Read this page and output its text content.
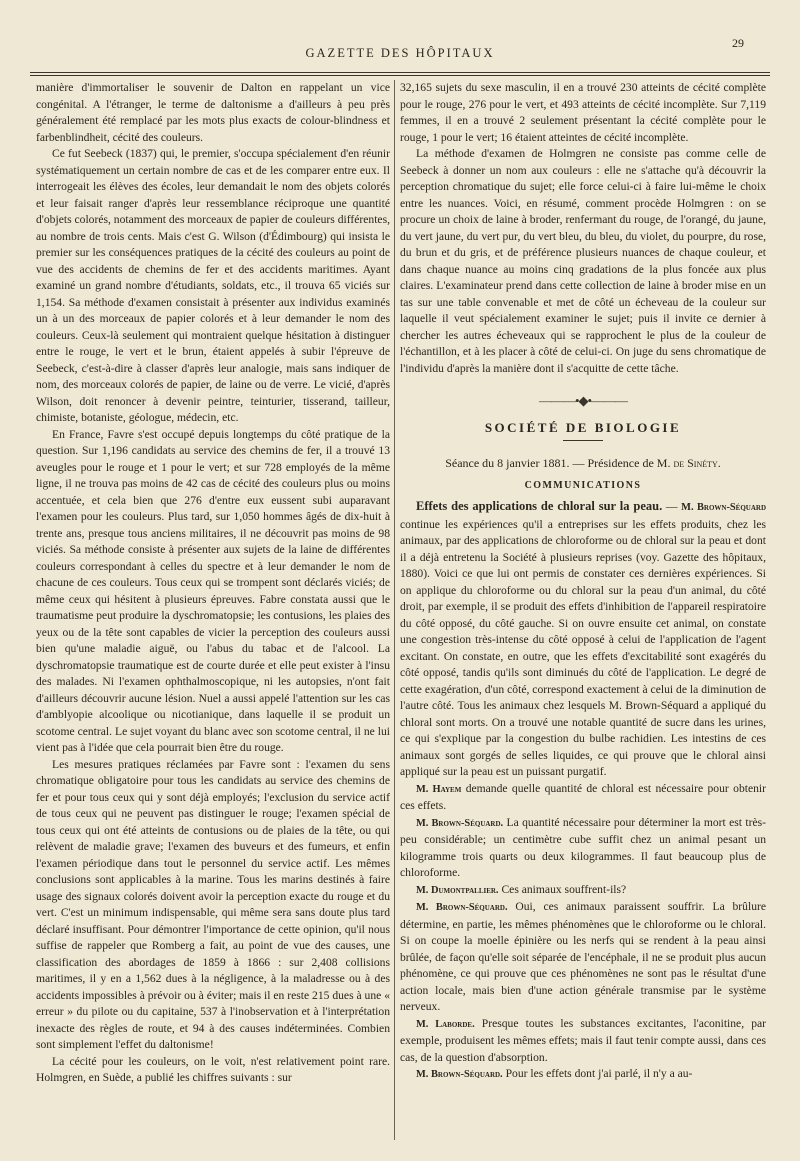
GAZETTE DES HÔPITAUX
29

manière d'immortaliser le souvenir de Dalton en rappelant un vice congénital. A l'étranger, le terme de daltonisme a d'ailleurs à peu près généralement été remplacé par les mots plus exacts de colour-blindness et farbenblindheit, cécité des couleurs.

Ce fut Seebeck (1837) qui, le premier, s'occupa spécialement d'en réunir systématiquement un certain nombre de cas et de les comparer entre eux. Il interrogeait les élèves des écoles, leur demandait le nom des objets colorés et leur faisait ranger d'après leur ressemblance réciproque une quantité d'objets colorés, notamment des morceaux de papier de couleurs différentes, au nombre de trois cents. Mais c'est G. Wilson (d'Édimbourg) qui insista le premier sur les conséquences pratiques de la cécité des couleurs au point de vue des accidents de chemins de fer et des accidents maritimes. Ayant examiné un grand nombre d'étudiants, soldats, etc., il trouva 65 viciés sur 1,154. Sa méthode d'examen consistait à présenter aux individus examinés un à un des morceaux de papier colorés et à leur demander le nom des couleurs. Ceux-là seulement qui montraient quelque hésitation à distinguer entre le rouge, le vert et le brun, étaient appelés à subir l'épreuve de Seebeck, c'est-à-dire à classer d'après leur analogie, mais sans indiquer de nom, des morceaux colorés de papier, de laine ou de verre. Le vicié, d'après Wilson, doit renoncer à devenir peintre, teinturier, tisserand, tailleur, chimiste, botaniste, géologue, médecin, etc.

En France, Favre s'est occupé depuis longtemps du côté pratique de la question. Sur 1,196 candidats au service des chemins de fer, il a trouvé 13 aveugles pour le rouge et 1 pour le vert; et sur 728 employés de la même ligne, il ne trouva pas moins de 42 cas de cécité des couleurs plus ou moins accentuée, et cela bien que 276 d'entre eux eussent subi auparavant l'examen pour les couleurs. Plus tard, sur 1,050 hommes âgés de dix-huit à trente ans, presque tous anciens militaires, il ne découvrit pas moins de 98 viciés. Sa méthode consiste à présenter aux sujets de la laine de différentes couleurs correspondant à celles du spectre et à leur demander le nom de chacune de ces couleurs. Tous ceux qui se trompent sont déclarés viciés; de même ceux qui hésitent à plusieurs épreuves. Fabre constata aussi que le traumatisme peut produire la dyschromatopsie; les contusions, les plaies des yeux ou de la tête sont capables de vicier la perception des couleurs aussi bien qu'une maladie aiguë, ou l'abus du tabac et de l'alcool. La dyschromatopsie traumatique est de courte durée et elle peut exister à l'insu des malades. Ni l'examen ophthalmoscopique, ni les autopsies, n'ont fait d'ailleurs découvrir aucune lésion. Nuel a aussi appelé l'attention sur les cas d'amblyopie alcoolique ou nicotianique, dans laquelle il se produit un scotome central. Le sujet voyant du blanc avec son scotome central, il ne lui vient pas à l'idée que cela pourrait bien être du rouge.

Les mesures pratiques réclamées par Favre sont : l'examen du sens chromatique obligatoire pour tous les candidats au service des chemins de fer et pour tous ceux qui y sont déjà employés; l'exclusion du service actif de tous ceux qui ne peuvent pas distinguer le rouge; l'examen spécial de tous ceux qui ont été atteints de contusions ou de plaies de la tête, ou qui relèvent de maladie grave; l'examen des buveurs et des fumeurs, et enfin l'examen périodique dans tout le personnel du service actif. Les mêmes conclusions sont applicables à la marine. Tous les marins destinés à faire usage des signaux colorés doivent avoir la perception exacte du rouge et du vert. C'est un minimum indispensable, qui même sera sans doute plus tard déclaré insuffisant. Pour démontrer l'importance de cette opinion, qu'il nous suffise de rappeler que Romberg a fait, au point de vue des causes, une classification des abordages de 1859 à 1866 : sur 2,408 collisions maritimes, il y en a 1,562 dues à la négligence, à la maladresse ou à des accidents impossibles à prévoir ou à éviter; mais il en reste 215 dues à une « erreur » du pilote ou du capitaine, 537 à l'inobservation et à l'interprétation inexacte des règles de route, et 94 à des causes indéterminées. Combien sont simplement l'effet du daltonisme!

La cécité pour les couleurs, on le voit, n'est relativement point rare. Holmgren, en Suède, a publié les chiffres suivants : sur

32,165 sujets du sexe masculin, il en a trouvé 230 atteints de cécité complète pour le rouge, 276 pour le vert, et 493 atteints de cécité incomplète. Sur 7,119 femmes, il en a trouvé 2 seulement présentant la cécité complète pour le rouge, 1 pour le vert; 16 étaient atteintes de cécité incomplète.

La méthode d'examen de Holmgren ne consiste pas comme celle de Seebeck à donner un nom aux couleurs : elle ne s'attache qu'à découvrir la perception chromatique du sujet; elle force celui-ci à faire lui-même le choix entre les nuances. Voici, en résumé, comment procède Holmgren : on se procure un choix de laine à broder, renfermant du rouge, de l'orangé, du jaune, du vert jaune, du vert pur, du vert bleu, du bleu, du violet, du pourpre, du rose, du brun et du gris, et de préférence plusieurs nuances de chaque couleur, et dans chaque nuance au moins cinq gradations de la plus foncée aux plus claires. L'examinateur prend dans cette collection de laine à broder mise en un tas sur une table convenable et met de côté un écheveau de la couleur sur laquelle il veut spécialement examiner le sujet; puis il invite ce dernier à chercher les autres écheveaux qui se rapprochent le plus de la couleur de l'échantillon, et à les placer à côté de celui-ci. On juge du sens chromatique de l'individu d'après la manière dont il s'acquitte de cette tâche.

———•◆•———
SOCIÉTÉ DE BIOLOGIE
Séance du 8 janvier 1881. — Présidence de M. de Sinéty.
COMMUNICATIONS

Effets des applications de chloral sur la peau. — M. Brown-Séquard continue les expériences qu'il a entreprises sur les effets produits, chez les animaux, par des applications de chloroforme ou de chloral sur la peau et dont il a déjà entretenu la Société à plusieurs reprises (voy. Gazette des hôpitaux, 1880). Voici ce que lui ont permis de constater ces dernières expériences. Si on applique du chloroforme ou du chloral sur la peau d'un animal, du côté droit, par exemple, il se produit des effets d'inhibition de l'appareil respiratoire du côté opposé, du côté gauche. Si on ouvre ensuite cet animal, on constate une congestion très-intense du côté opposé à celui de l'application de l'agent excitant. On constate, en outre, que les effets d'excitabilité sont exagérés du côté opposé, tandis qu'ils sont diminués du côté de l'application. Le degré de cette exagération, d'un côté, correspond exactement à celui de la diminution de l'autre côté. Tous les animaux chez lesquels M. Brown-Séquard a appliqué du chloral sont morts. On a trouvé une notable quantité de sucre dans les urines, ce qui s'explique par la congestion du bulbe rachidien. Les intestins de ces animaux sont gorgés de selles liquides, ce qui prouve que le chloral ainsi appliqué sur la peau est un puissant purgatif.

M. Hayem demande quelle quantité de chloral est nécessaire pour obtenir ces effets.

M. Brown-Séquard. La quantité nécessaire pour déterminer la mort est très-peu considérable; un centimètre cube suffit chez un animal pesant un kilogramme trois quarts ou deux kilogrammes. Il faut beaucoup plus de chloroforme.

M. Dumontpallier. Ces animaux souffrent-ils?

M. Brown-Séquard. Oui, ces animaux paraissent souffrir. La brûlure détermine, en partie, les mêmes phénomènes que le chloroforme ou le chloral. Si on coupe la moelle épinière ou les nerfs qui se rendent à la peau ainsi brûlée, de façon qu'elle soit séparée de l'encéphale, il ne se produit plus aucun phénomène, ce qui prouve que ces phénomènes ne sont pas le résultat d'une action locale, mais bien d'une action générale transmise par le système nerveux.

M. Laborde. Presque toutes les substances excitantes, l'aconitine, par exemple, produisent les mêmes effets; mais il faut tenir compte aussi, dans ces cas, de la question d'absorption.

M. Brown-Séquard. Pour les effets dont j'ai parlé, il n'y a au-
